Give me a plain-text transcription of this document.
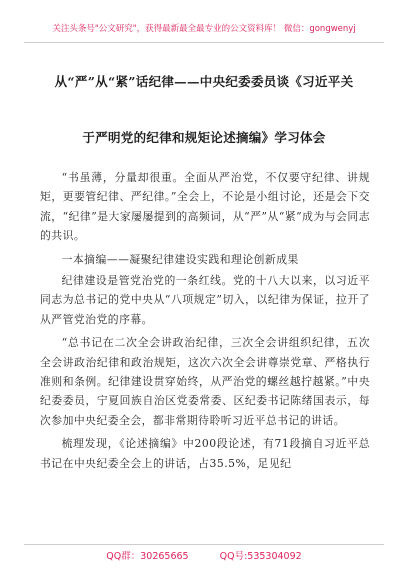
关注头条号"公文研究"，获得最新最全最专业的公文资料库！ 微信：gongwenyj
从“严”从“紧”话纪律——中央纪委委员谈《习近平关
于严明党的纪律和规矩论述摘编》学习体会

“书虽薄，分量却很重。全面从严治党，不仅要守纪律、讲规矩，更要管纪律、严纪律。”全会上，不论是小组讨论，还是会下交流，“纪律”是大家屡屡提到的高频词，从“严”从“紧”成为与会同志的共识。

一本摘编——凝聚纪律建设实践和理论创新成果

纪律建设是管党治党的一条红线。党的十八大以来，以习近平同志为总书记的党中央从“八项规定”切入，以纪律为保证，拉开了从严管党治党的序幕。

“总书记在二次全会讲政治纪律，三次全会讲组织纪律，五次全会讲政治纪律和政治规矩，这次六次全会讲尊崇党章、严格执行准则和条例。纪律建设贯穿始终，从严治党的螺丝越拧越紧。”中央纪委委员，宁夏回族自治区党委常委、区纪委书记陈绪国表示，每次参加中央纪委全会，都非常期待聆听习近平总书记的讲话。

梳理发现，《论述摘编》中200段论述，有71段摘自习近平总书记在中央纪委全会上的讲话，占35.5%，足见纪

QQ群：30265665	QQ号:535304092
